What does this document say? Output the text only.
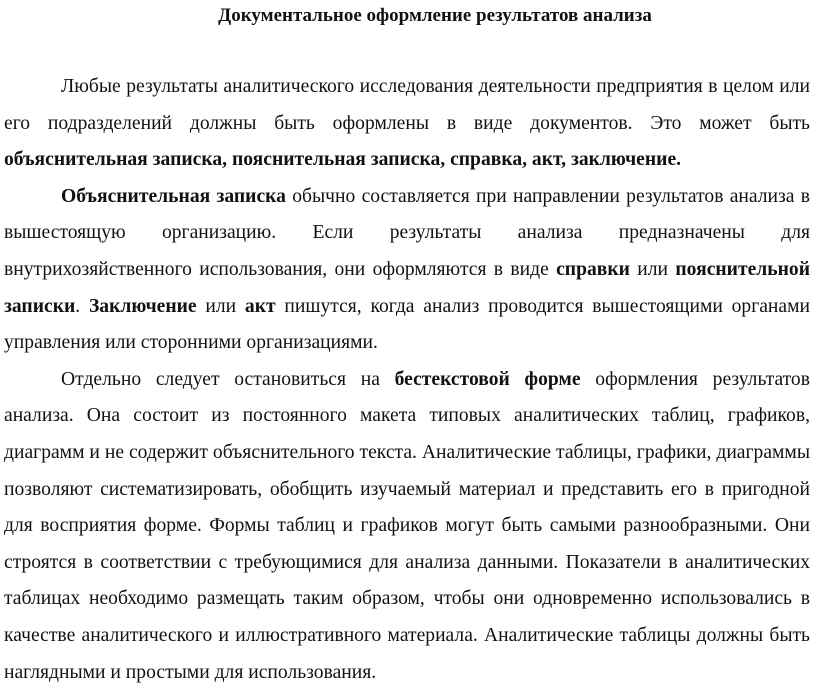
Документальное оформление результатов анализа

Любые результаты аналитического исследования деятельности предприятия в целом или его подразделений должны быть оформлены в виде документов. Это может быть объяснительная записка, пояснительная записка, справка, акт, заключение.

Объяснительная записка обычно составляется при направлении результатов анализа в вышестоящую организацию. Если результаты анализа предназначены для внутрихозяйственного использования, они оформляются в виде справки или пояснительной записки. Заключение или акт пишутся, когда анализ проводится вышестоящими органами управления или сторонними организациями.

Отдельно следует остановиться на бестекстовой форме оформления результатов анализа. Она состоит из постоянного макета типовых аналитических таблиц, графиков, диаграмм и не содержит объяснительного текста. Аналитические таблицы, графики, диаграммы позволяют систематизировать, обобщить изучаемый материал и представить его в пригодной для восприятия форме. Формы таблиц и графиков могут быть самыми разнообразными. Они строятся в соответствии с требующимися для анализа данными. Показатели в аналитических таблицах необходимо размещать таким образом, чтобы они одновременно использовались в качестве аналитического и иллюстративного материала. Аналитические таблицы должны быть наглядными и простыми для использования.
